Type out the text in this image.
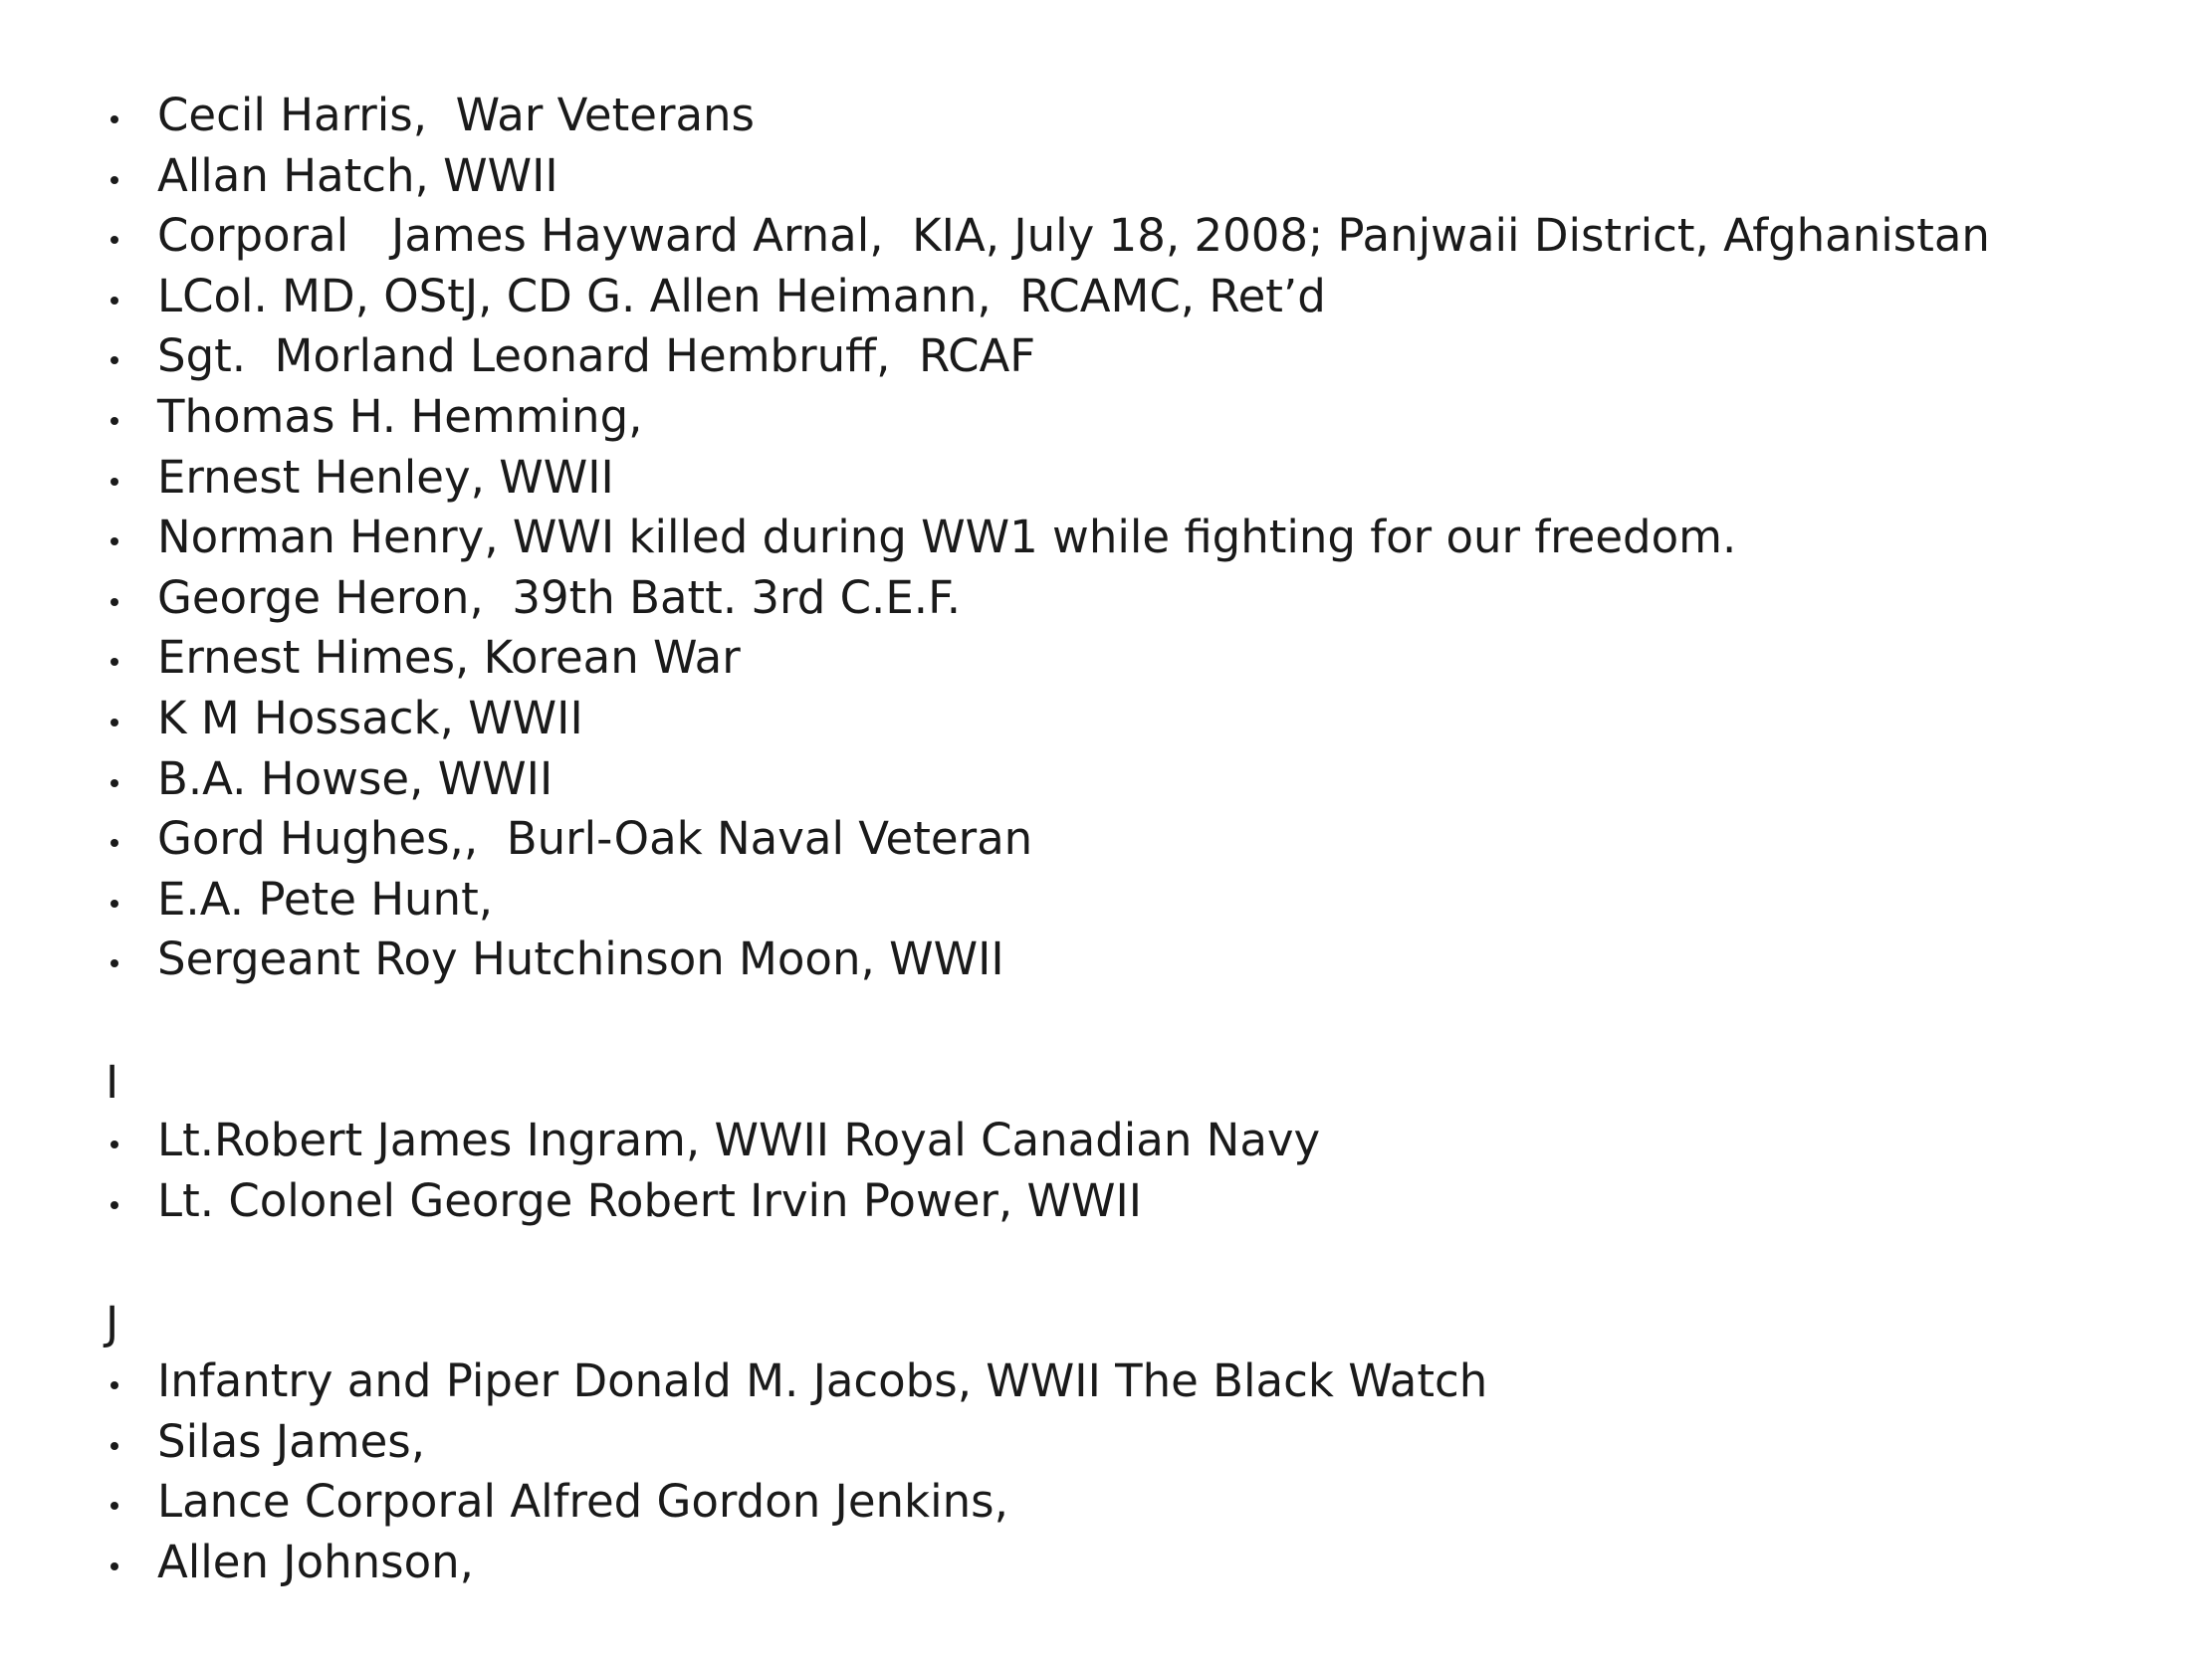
Cecil Harris,  War Veterans
Allan Hatch, WWII
Corporal   James Hayward Arnal,  KIA, July 18, 2008; Panjwaii District, Afghanistan
LCol. MD, OStJ, CD G. Allen Heimann,  RCAMC, Ret’d
Sgt.  Morland Leonard Hembruff,  RCAF
Thomas H. Hemming,
Ernest Henley, WWII
Norman Henry, WWI killed during WW1 while fighting for our freedom.
George Heron,  39th Batt. 3rd C.E.F.
Ernest Himes, Korean War
K M Hossack, WWII
B.A. Howse, WWII
Gord Hughes,,  Burl-Oak Naval Veteran
E.A. Pete Hunt,
Sergeant Roy Hutchinson Moon, WWII
I
Lt.Robert James Ingram, WWII Royal Canadian Navy
Lt. Colonel George Robert Irvin Power, WWII
J
Infantry and Piper Donald M. Jacobs, WWII The Black Watch
Silas James,
Lance Corporal Alfred Gordon Jenkins,
Allen Johnson,
